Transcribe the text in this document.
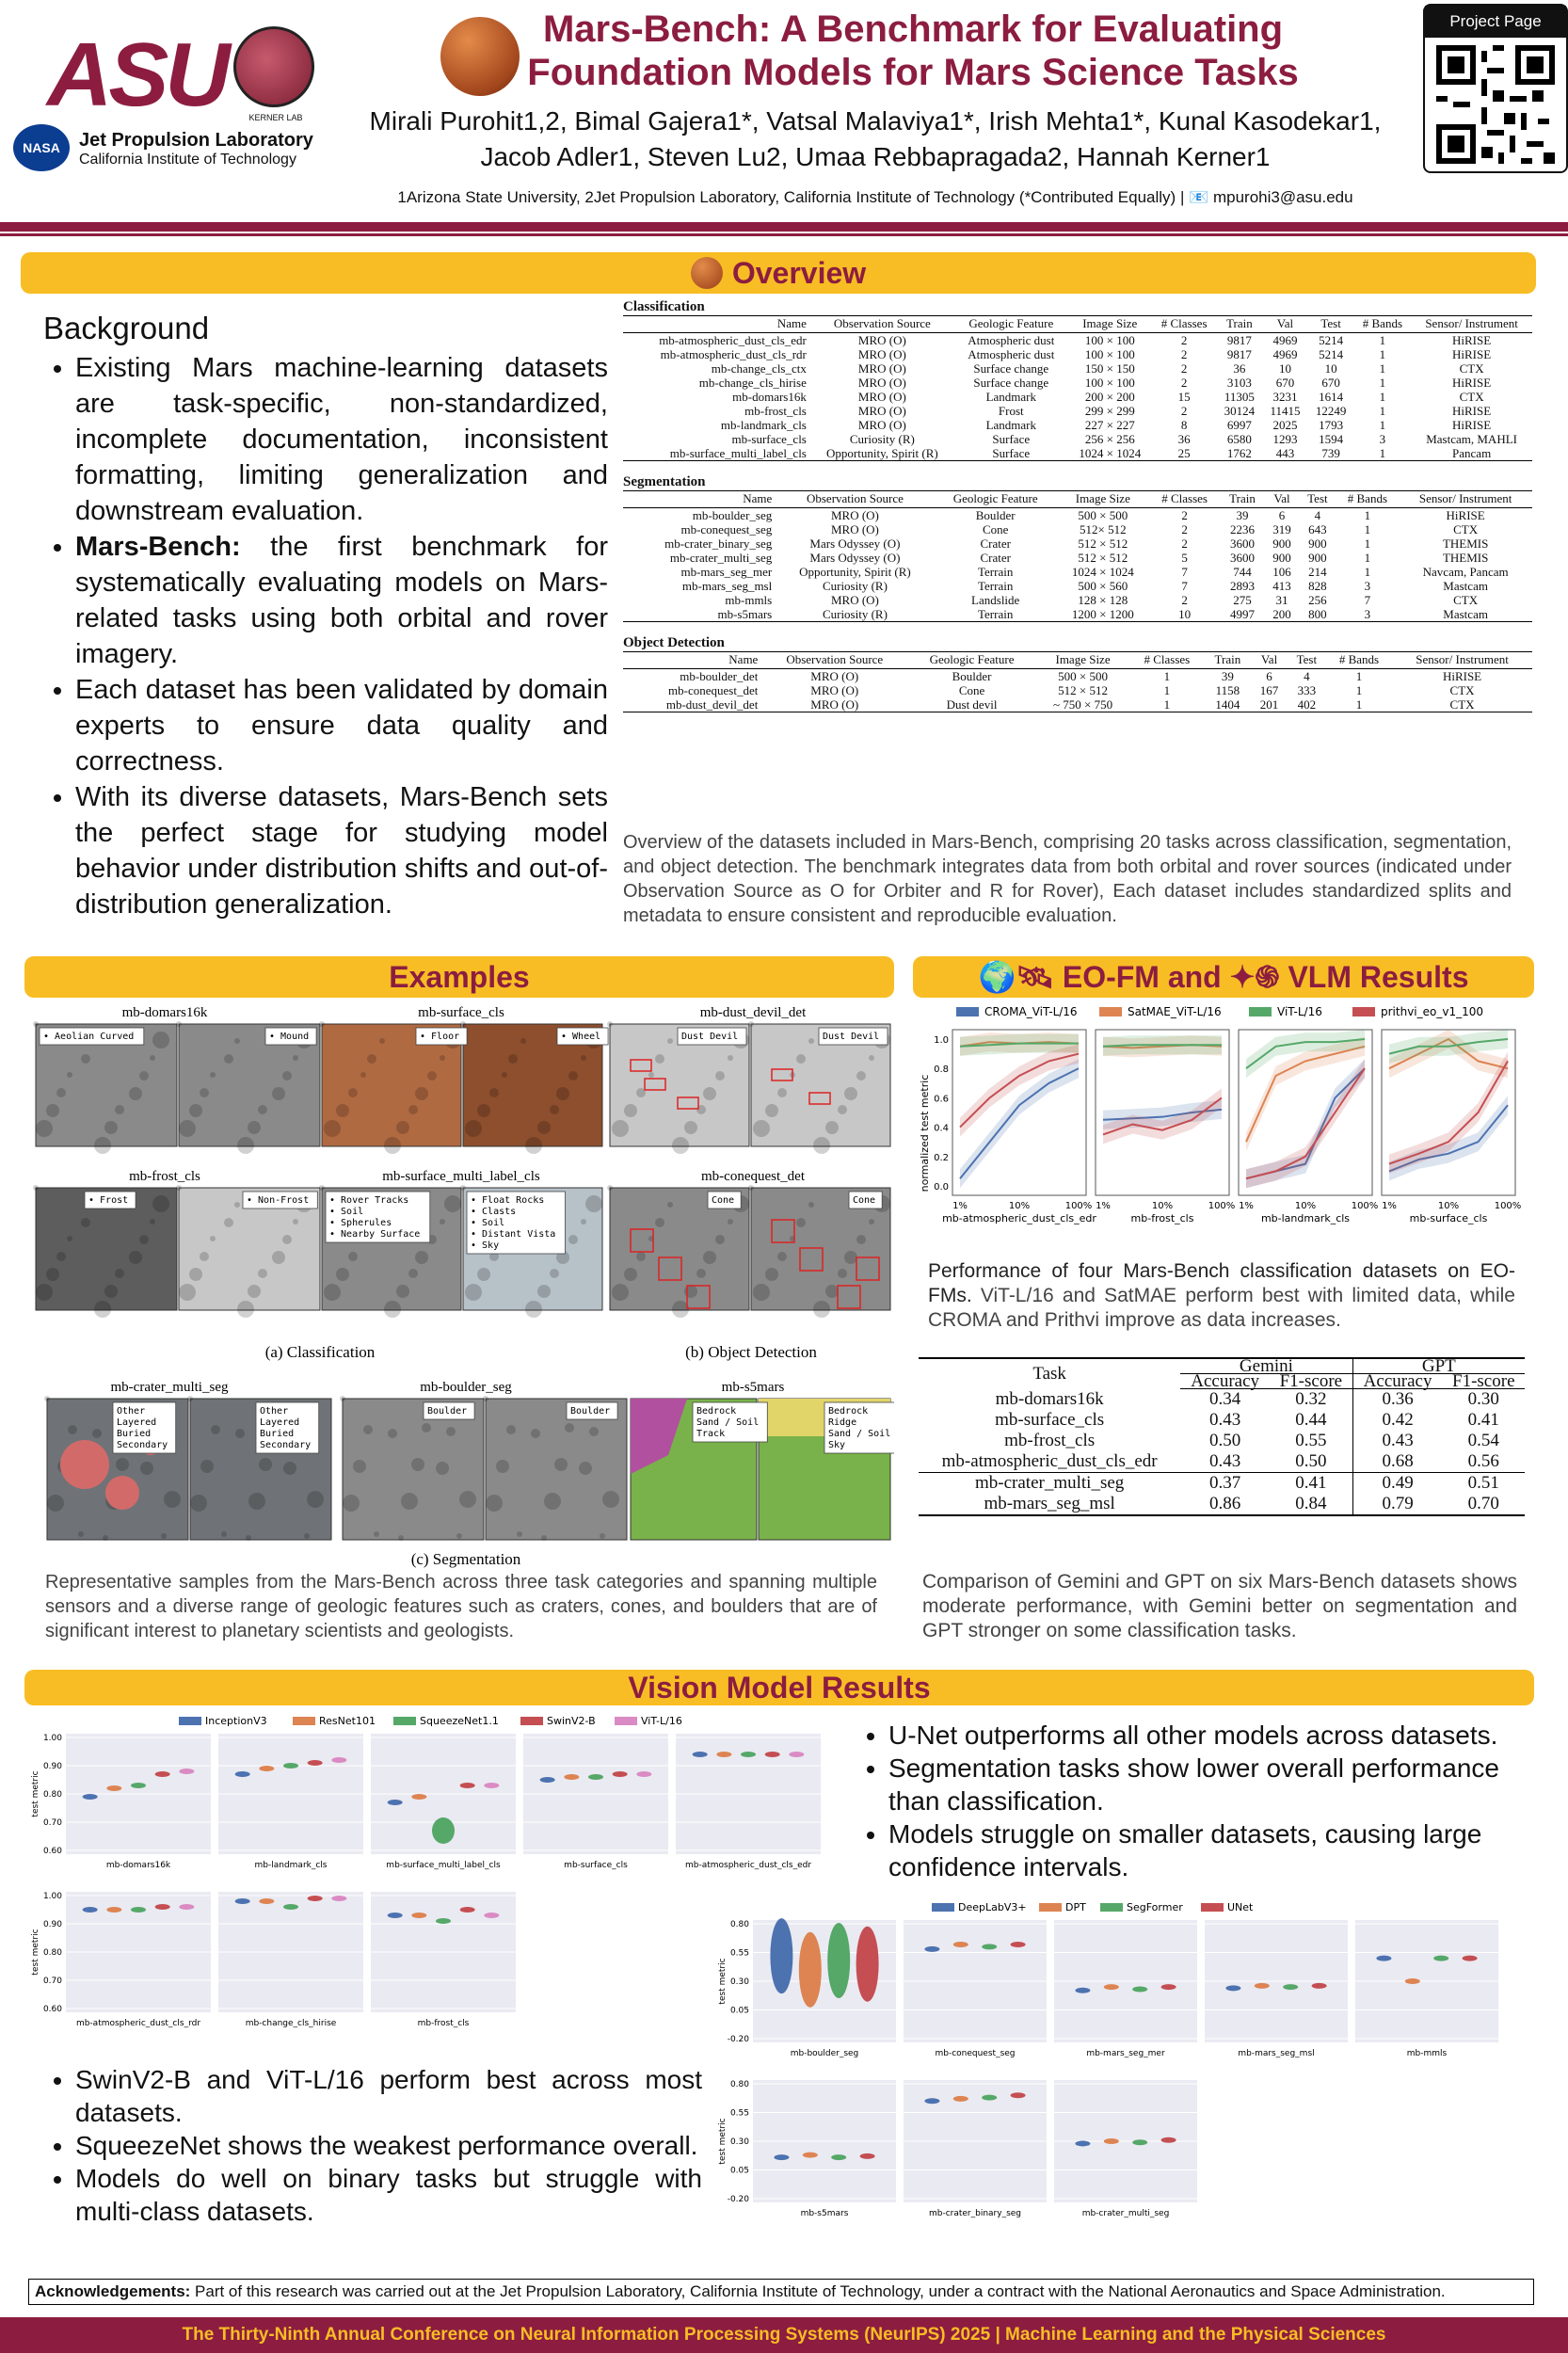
ASU	KERNER LAB
NASA	Jet Propulsion Laboratory
California Institute of Technology
Mars-Bench: A Benchmark for Evaluating
Foundation Models for Mars Science Tasks
Mirali Purohit1,2, Bimal Gajera1*, Vatsal Malaviya1*, Irish Mehta1*, Kunal Kasodekar1,
Jacob Adler1, Steven Lu2, Umaa Rebbapragada2, Hannah Kerner1
1Arizona State University, 2Jet Propulsion Laboratory, California Institute of Technology (*Contributed Equally) | 📧 mpurohi3@asu.edu
Project Page
Overview
Background
• Existing Mars machine-learning datasets are task-specific, non-standardized, incomplete documentation, inconsistent formatting, limiting generalization and downstream evaluation.
• Mars-Bench: the first benchmark for systematically evaluating models on Mars-related tasks using both orbital and rover imagery.
• Each dataset has been validated by domain experts to ensure data quality and correctness.
• With its diverse datasets, Mars-Bench sets the perfect stage for studying model behavior under distribution shifts and out-of-distribution generalization.
Classification
Name	Observation Source	Geologic Feature	Image Size	# Classes	Train	Val	Test	# Bands	Sensor/ Instrument
mb-atmospheric_dust_cls_edr	MRO (O)	Atmospheric dust	100 × 100	2	9817	4969	5214	1	HiRISE
mb-atmospheric_dust_cls_rdr	MRO (O)	Atmospheric dust	100 × 100	2	9817	4969	5214	1	HiRISE
mb-change_cls_ctx	MRO (O)	Surface change	150 × 150	2	36	10	10	1	CTX
mb-change_cls_hirise	MRO (O)	Surface change	100 × 100	2	3103	670	670	1	HiRISE
mb-domars16k	MRO (O)	Landmark	200 × 200	15	11305	3231	1614	1	CTX
mb-frost_cls	MRO (O)	Frost	299 × 299	2	30124	11415	12249	1	HiRISE
mb-landmark_cls	MRO (O)	Landmark	227 × 227	8	6997	2025	1793	1	HiRISE
mb-surface_cls	Curiosity (R)	Surface	256 × 256	36	6580	1293	1594	3	Mastcam, MAHLI
mb-surface_multi_label_cls	Opportunity, Spirit (R)	Surface	1024 × 1024	25	1762	443	739	1	Pancam
Segmentation
Name	Observation Source	Geologic Feature	Image Size	# Classes	Train	Val	Test	# Bands	Sensor/ Instrument
mb-boulder_seg	MRO (O)	Boulder	500 × 500	2	39	6	4	1	HiRISE
mb-conequest_seg	MRO (O)	Cone	512× 512	2	2236	319	643	1	CTX
mb-crater_binary_seg	Mars Odyssey (O)	Crater	512 × 512	2	3600	900	900	1	THEMIS
mb-crater_multi_seg	Mars Odyssey (O)	Crater	512 × 512	5	3600	900	900	1	THEMIS
mb-mars_seg_mer	Opportunity, Spirit (R)	Terrain	1024 × 1024	7	744	106	214	1	Navcam, Pancam
mb-mars_seg_msl	Curiosity (R)	Terrain	500 × 560	7	2893	413	828	3	Mastcam
mb-mmls	MRO (O)	Landslide	128 × 128	2	275	31	256	7	CTX
mb-s5mars	Curiosity (R)	Terrain	1200 × 1200	10	4997	200	800	3	Mastcam
Object Detection
Name	Observation Source	Geologic Feature	Image Size	# Classes	Train	Val	Test	# Bands	Sensor/ Instrument
mb-boulder_det	MRO (O)	Boulder	500 × 500	1	39	6	4	1	HiRISE
mb-conequest_det	MRO (O)	Cone	512 × 512	1	1158	167	333	1	CTX
mb-dust_devil_det	MRO (O)	Dust devil	~ 750 × 750	1	1404	201	402	1	CTX
Overview of the datasets included in Mars-Bench, comprising 20 tasks across classification, segmentation, and object detection. The benchmark integrates data from both orbital and rover sources (indicated under Observation Source as O for Orbiter and R for Rover), Each dataset includes standardized splits and metadata to ensure consistent and reproducible evaluation.
Examples
mb-domars16k
• Aeolian Curved	• Mound
mb-surface_cls
• Floor	• Wheel
mb-dust_devil_det
Dust Devil	Dust Devil
mb-frost_cls
• Frost	• Non-Frost
mb-surface_multi_label_cls
• Rover Tracks • Soil • Spherules • Nearby Surface
• Float Rocks • Clasts • Soil • Distant Vista • Sky
mb-conequest_det
Cone	Cone
(a) Classification	(b) Object Detection
mb-crater_multi_seg
Other Layered Buried Secondary
Other Layered Buried Secondary
mb-boulder_seg
Boulder	Boulder
mb-s5mars
Bedrock Sand / Soil Track
Bedrock Ridge Sand / Soil Sky
(c) Segmentation
Representative samples from the Mars-Bench across three task categories and spanning multiple sensors and a diverse range of geologic features such as craters, cones, and boulders that are of significant interest to planetary scientists and geologists.
🌍🛰 EO-FM and ✦֍ VLM Results
CROMA_ViT-L/16	SatMAE_ViT-L/16	ViT-L/16	prithvi_eo_v1_100
normalized test metric 0.0
0.2
0.4
0.6
0.8
1.0
1%	10%	100%
mb-atmospheric_dust_cls_edr
1%	10%	100%
mb-frost_cls
1%	10%	100%
mb-landmark_cls
1%	10%	100%
mb-surface_cls
Performance of four Mars-Bench classification datasets on EO-FMs. ViT-L/16 and SatMAE perform best with limited data, while CROMA and Prithvi improve as data increases.
Task	Gemini		GPT	
	Accuracy	F1-score	Accuracy	F1-score
mb-domars16k	0.34	0.32	0.36	0.30
mb-surface_cls	0.43	0.44	0.42	0.41
mb-frost_cls	0.50	0.55	0.43	0.54
mb-atmospheric_dust_cls_edr	0.43	0.50	0.68	0.56
mb-crater_multi_seg	0.37	0.41	0.49	0.51
mb-mars_seg_msl	0.86	0.84	0.79	0.70
Comparison of Gemini and GPT on six Mars-Bench datasets shows moderate performance, with Gemini better on segmentation and GPT stronger on some classification tasks.
Vision Model Results
InceptionV3	ResNet101	SqueezeNet1.1	SwinV2-B	ViT-L/16
0.60
0.70
0.80
0.90
1.00
test metric
mb-domars16k	mb-landmark_cls	mb-surface_multi_label_cls	mb-surface_cls	mb-atmospheric_dust_cls_edr
0.60
0.70
0.80
0.90
1.00
test metric
mb-atmospheric_dust_cls_rdr	mb-change_cls_hirise	mb-frost_cls
• U-Net outperforms all other models across datasets.
• Segmentation tasks show lower overall performance than classification.
• Models struggle on smaller datasets, causing large confidence intervals.
DeepLabV3+	DPT	SegFormer	UNet
-0.20
0.05
0.30
0.55
0.80
test metric
mb-boulder_seg	mb-conequest_seg	mb-mars_seg_mer	mb-mars_seg_msl	mb-mmls
-0.20
0.05
0.30
0.55
0.80
test metric
mb-s5mars	mb-crater_binary_seg	mb-crater_multi_seg
• SwinV2-B and ViT-L/16 perform best across most datasets.
• SqueezeNet shows the weakest performance overall.
• Models do well on binary tasks but struggle with multi-class datasets.
Acknowledgements: Part of this research was carried out at the Jet Propulsion Laboratory, California Institute of Technology, under a contract with the National Aeronautics and Space Administration.
The Thirty-Ninth Annual Conference on Neural Information Processing Systems (NeurIPS) 2025 | Machine Learning and the Physical Sciences
